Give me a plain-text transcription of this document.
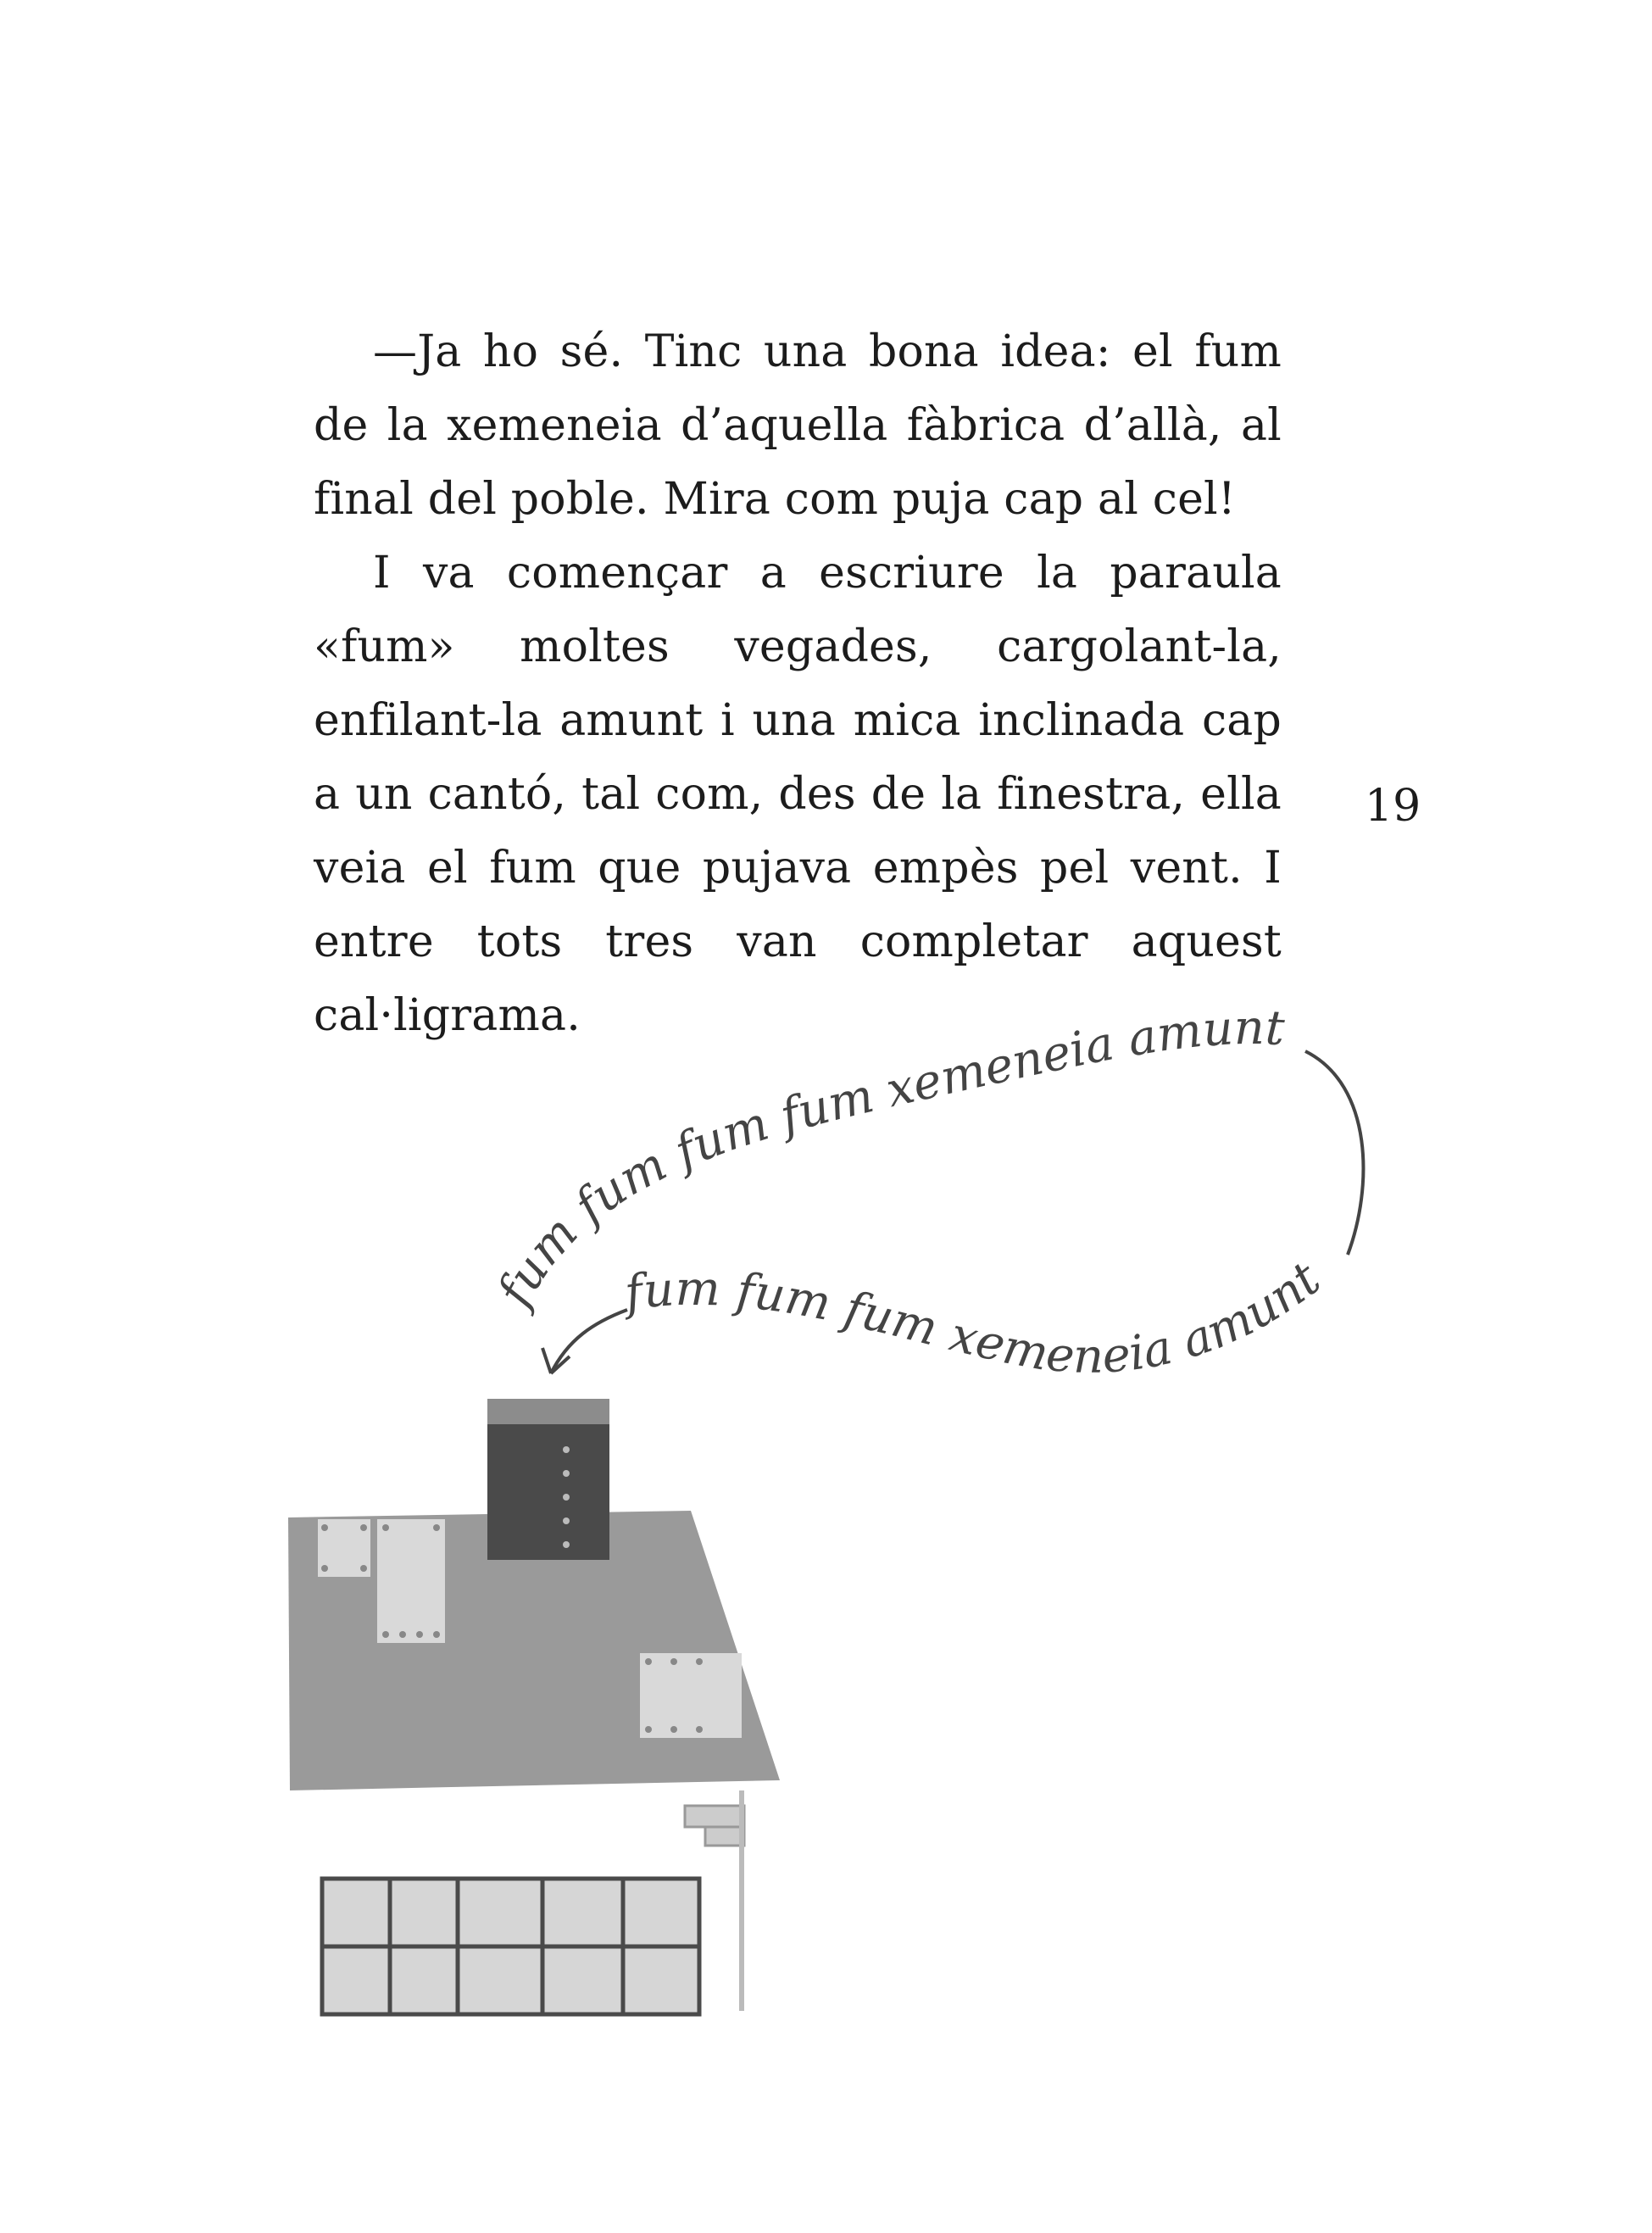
—Ja ho sé. Tinc una bona idea: el fum de la xemeneia d’aquella fàbrica d’allà, al final del poble. Mira com puja cap al cel!

I va començar a escriure la paraula «fum» moltes vegades, cargolant-la, enfilant-la amunt i una mica inclinada cap a un cantó, tal com, des de la finestra, ella veia el fum que pujava empès pel vent. I entre tots tres van completar aquest cal·ligrama.

19
fum fum fum fum xemeneia amunt
fum fum fum xemeneia amunt
